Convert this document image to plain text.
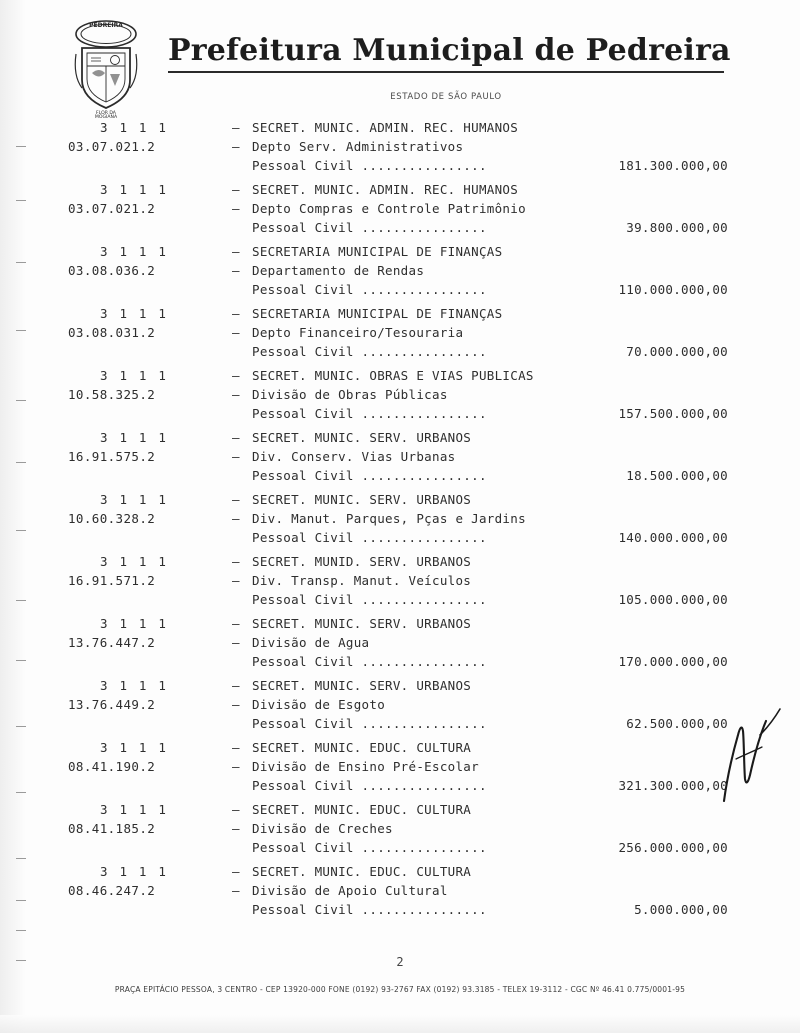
PEDREIRA
FLOR DA
MOGIANA
Prefeitura Municipal de Pedreira
ESTADO DE SÃO PAULO
3 1 1 1	– SECRET. MUNIC. ADMIN. REC. HUMANOS
03.07.021.2	– Depto Serv. Administrativos
Pessoal Civil ................	181.300.000,00
3 1 1 1	– SECRET. MUNIC. ADMIN. REC. HUMANOS
03.07.021.2	– Depto Compras e Controle Patrimônio
Pessoal Civil ................	39.800.000,00
3 1 1 1	– SECRETARIA MUNICIPAL DE FINANÇAS
03.08.036.2	– Departamento de Rendas
Pessoal Civil ................	110.000.000,00
3 1 1 1	– SECRETARIA MUNICIPAL DE FINANÇAS
03.08.031.2	– Depto Financeiro/Tesouraria
Pessoal Civil ................	70.000.000,00
3 1 1 1	– SECRET. MUNIC. OBRAS E VIAS PUBLICAS
10.58.325.2	– Divisão de Obras Públicas
Pessoal Civil ................	157.500.000,00
3 1 1 1	– SECRET. MUNIC. SERV. URBANOS
16.91.575.2	– Div. Conserv. Vias Urbanas
Pessoal Civil ................	18.500.000,00
3 1 1 1	– SECRET. MUNIC. SERV. URBANOS
10.60.328.2	– Div. Manut. Parques, Pças e Jardins
Pessoal Civil ................	140.000.000,00
3 1 1 1	– SECRET. MUNID. SERV. URBANOS
16.91.571.2	– Div. Transp. Manut. Veículos
Pessoal Civil ................	105.000.000,00
3 1 1 1	– SECRET. MUNIC. SERV. URBANOS
13.76.447.2	– Divisão de Agua
Pessoal Civil ................	170.000.000,00
3 1 1 1	– SECRET. MUNIC. SERV. URBANOS
13.76.449.2	– Divisão de Esgoto
Pessoal Civil ................	62.500.000,00
3 1 1 1	– SECRET. MUNIC. EDUC. CULTURA
08.41.190.2	– Divisão de Ensino Pré-Escolar
Pessoal Civil ................	321.300.000,00
3 1 1 1	– SECRET. MUNIC. EDUC. CULTURA
08.41.185.2	– Divisão de Creches
Pessoal Civil ................	256.000.000,00
3 1 1 1	– SECRET. MUNIC. EDUC. CULTURA
08.46.247.2	– Divisão de Apoio Cultural
Pessoal Civil ................	5.000.000,00
2
PRAÇA EPITÁCIO PESSOA, 3 CENTRO - CEP 13920-000 FONE (0192) 93-2767 FAX (0192) 93.3185 - TELEX 19-3112 - CGC Nº 46.41 0.775/0001-95
